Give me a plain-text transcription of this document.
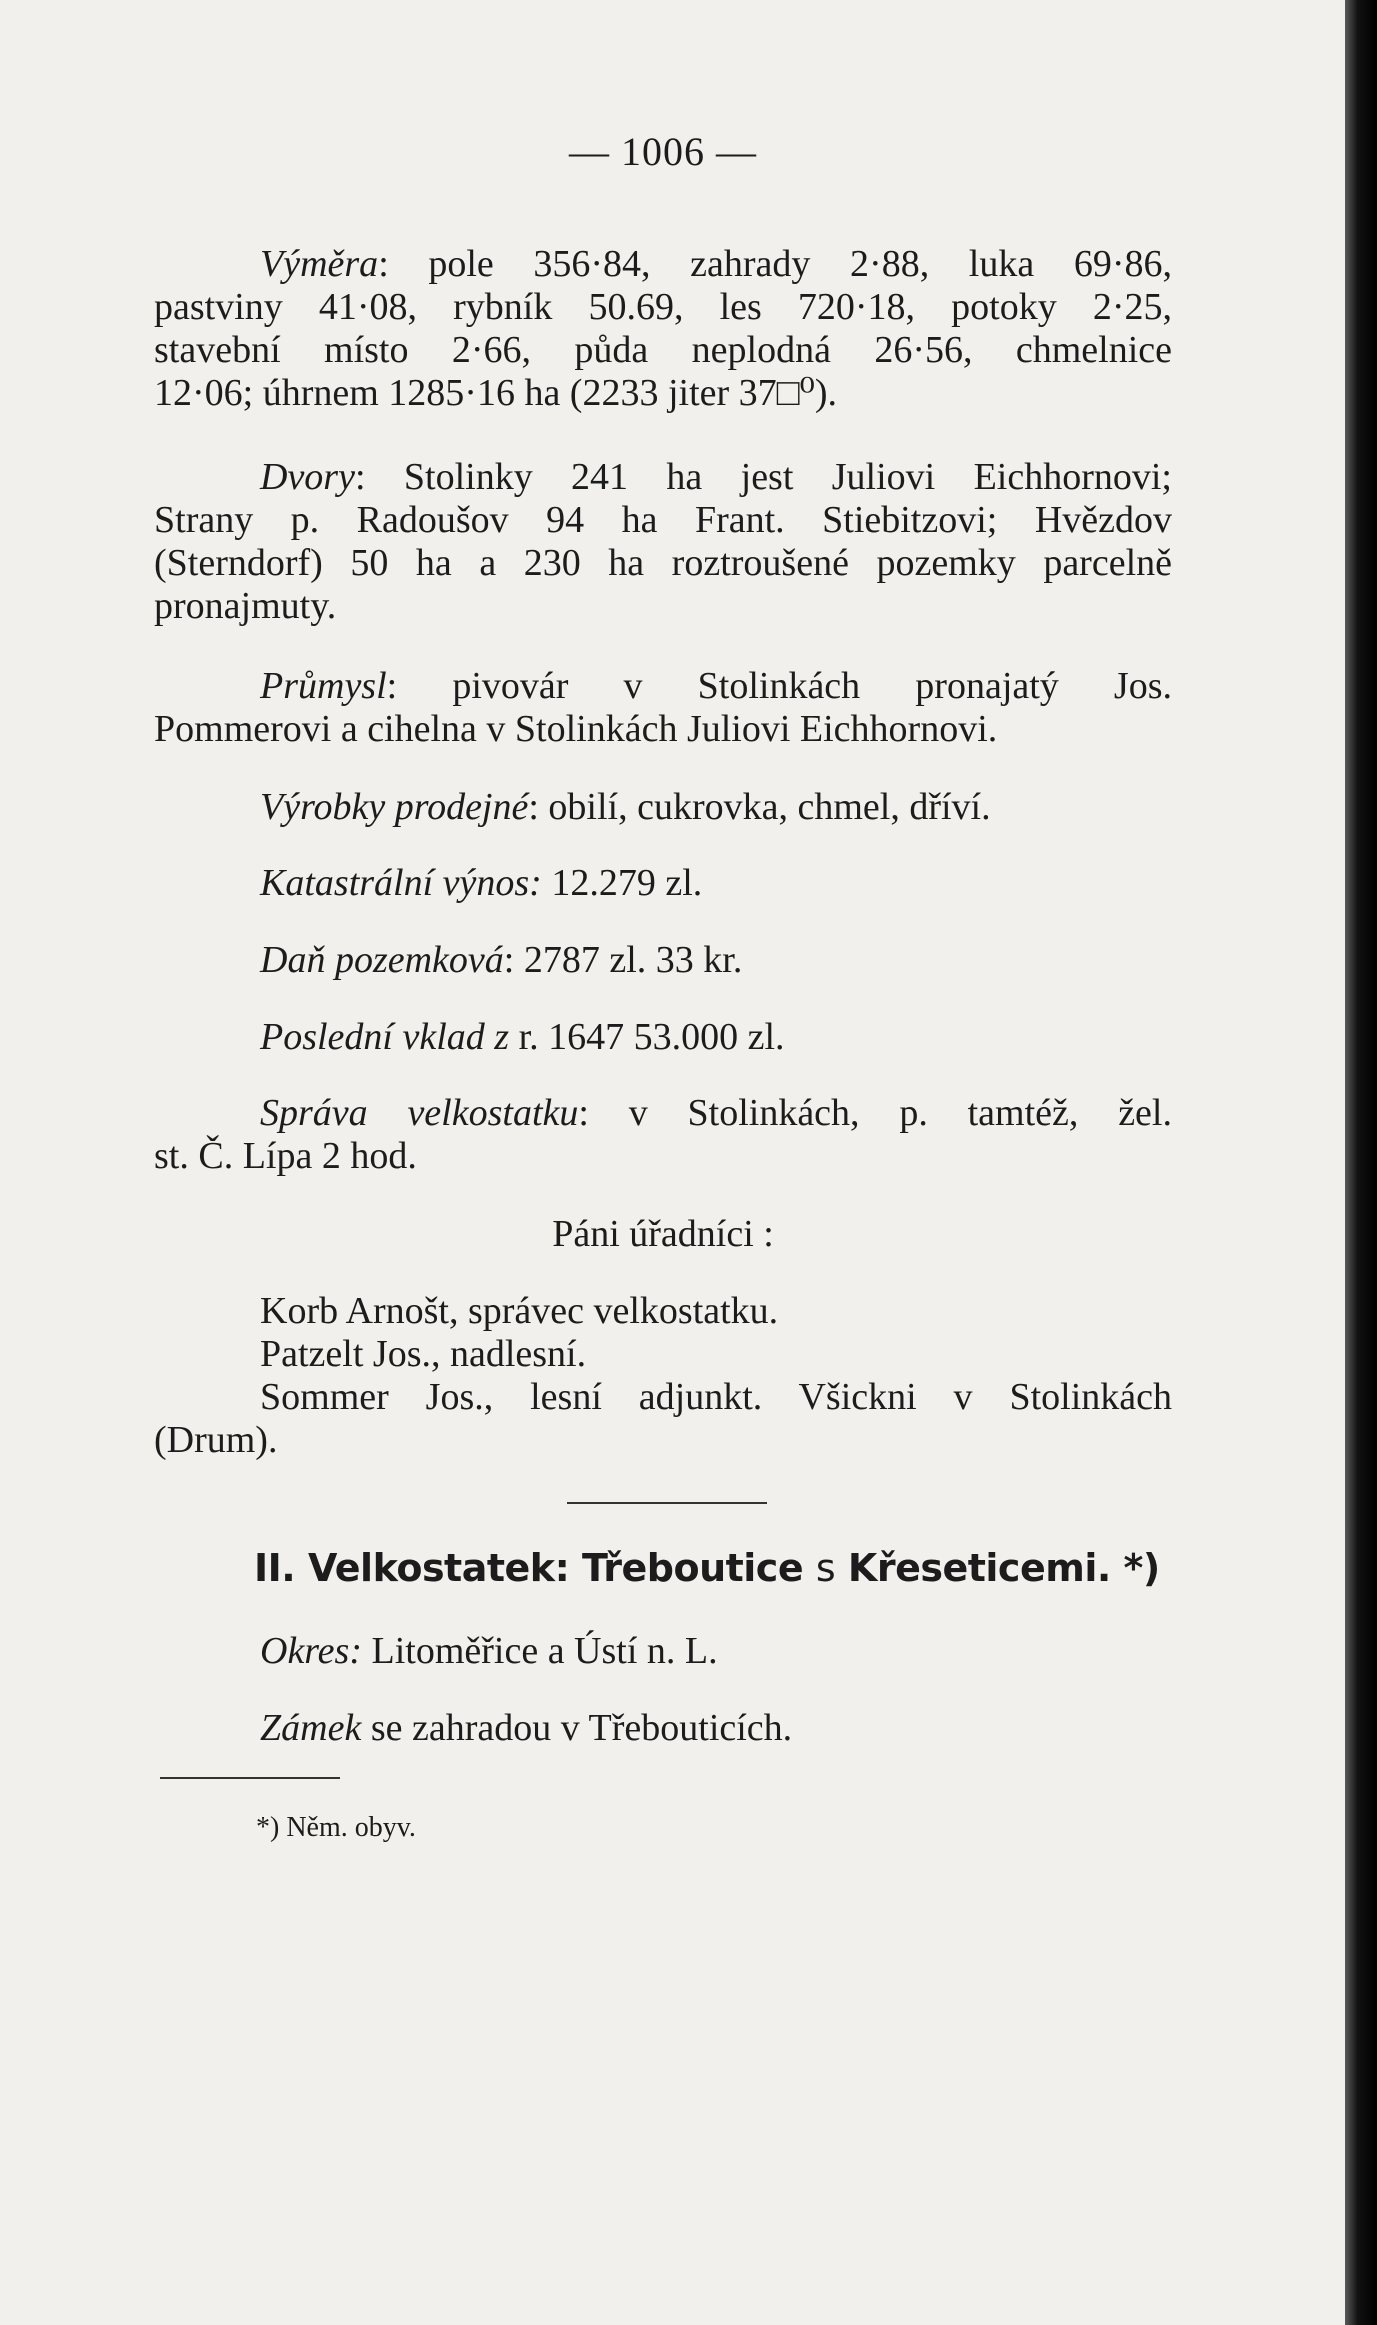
— 1006 —
Výměra: pole 356·84, zahrady 2·88, luka 69·86,
pastviny 41·08, rybník 50.69, les 720·18, potoky 2·25,
stavební místo 2·66, půda neplodná 26·56, chmelnice
12·06; úhrnem 1285·16 ha (2233 jiter 37□⁰).
Dvory: Stolinky 241 ha jest Juliovi Eichhornovi;
Strany p. Radoušov 94 ha Frant. Stiebitzovi; Hvězdov
(Sterndorf) 50 ha a 230 ha roztroušené pozemky parcelně
pronajmuty.
Průmysl: pivovár v Stolinkách pronajatý Jos.
Pommerovi a cihelna v Stolinkách Juliovi Eichhornovi.
Výrobky prodejné: obilí, cukrovka, chmel, dříví.
Katastrální výnos: 12.279 zl.
Daň pozemková: 2787 zl. 33 kr.
Poslední vklad z r. 1647 53.000 zl.
Správa velkostatku: v Stolinkách, p. tamtéž, žel.
st. Č. Lípa 2 hod.
Páni úřadníci :
Korb Arnošt, správec velkostatku.
Patzelt Jos., nadlesní.
Sommer Jos., lesní adjunkt. Všickni v Stolinkách
(Drum).
II. Velkostatek: Třeboutice s Křeseticemi. *)
Okres: Litoměřice a Ústí n. L.
Zámek se zahradou v Třebouticích.
*) Něm. obyv.
